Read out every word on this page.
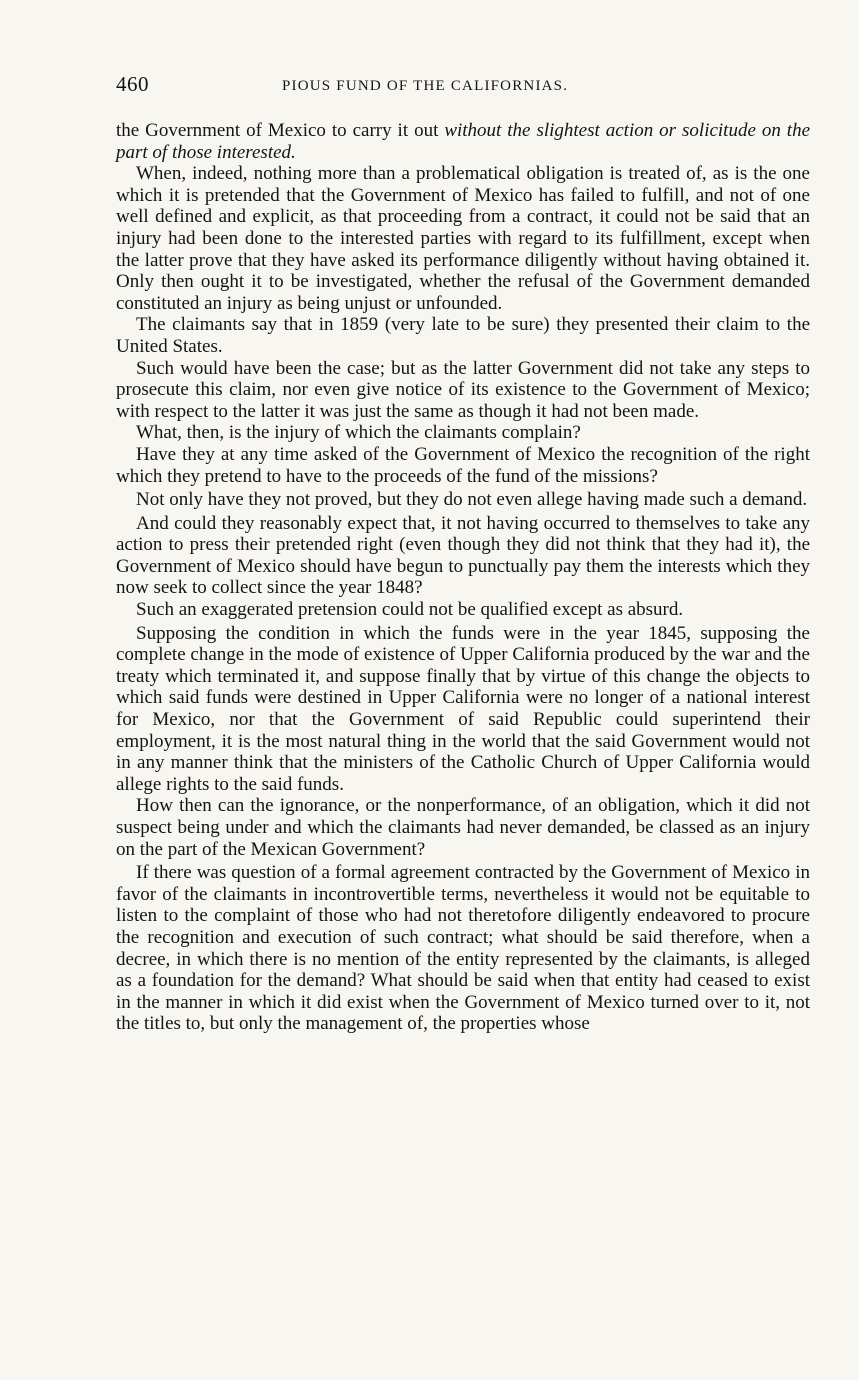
460	PIOUS FUND OF THE CALIFORNIAS.

the Government of Mexico to carry it out without the slightest action or solicitude on the part of those interested.

When, indeed, nothing more than a problematical obligation is treated of, as is the one which it is pretended that the Government of Mexico has failed to fulfill, and not of one well defined and explicit, as that proceeding from a contract, it could not be said that an injury had been done to the interested parties with regard to its fulfillment, except when the latter prove that they have asked its performance diligently without having obtained it. Only then ought it to be investigated, whether the refusal of the Government demanded constituted an injury as being unjust or unfounded.

The claimants say that in 1859 (very late to be sure) they presented their claim to the United States.

Such would have been the case; but as the latter Government did not take any steps to prosecute this claim, nor even give notice of its existence to the Government of Mexico; with respect to the latter it was just the same as though it had not been made.

What, then, is the injury of which the claimants complain?

Have they at any time asked of the Government of Mexico the recognition of the right which they pretend to have to the proceeds of the fund of the missions?

Not only have they not proved, but they do not even allege having made such a demand.

And could they reasonably expect that, it not having occurred to themselves to take any action to press their pretended right (even though they did not think that they had it), the Government of Mexico should have begun to punctually pay them the interests which they now seek to collect since the year 1848?

Such an exaggerated pretension could not be qualified except as absurd.

Supposing the condition in which the funds were in the year 1845, supposing the complete change in the mode of existence of Upper California produced by the war and the treaty which terminated it, and suppose finally that by virtue of this change the objects to which said funds were destined in Upper California were no longer of a national interest for Mexico, nor that the Government of said Republic could superintend their employment, it is the most natural thing in the world that the said Government would not in any manner think that the ministers of the Catholic Church of Upper California would allege rights to the said funds.

How then can the ignorance, or the nonperformance, of an obligation, which it did not suspect being under and which the claimants had never demanded, be classed as an injury on the part of the Mexican Government?

If there was question of a formal agreement contracted by the Government of Mexico in favor of the claimants in incontrovertible terms, nevertheless it would not be equitable to listen to the complaint of those who had not theretofore diligently endeavored to procure the recognition and execution of such contract; what should be said therefore, when a decree, in which there is no mention of the entity represented by the claimants, is alleged as a foundation for the demand? What should be said when that entity had ceased to exist in the manner in which it did exist when the Government of Mexico turned over to it, not the titles to, but only the management of, the properties whose
